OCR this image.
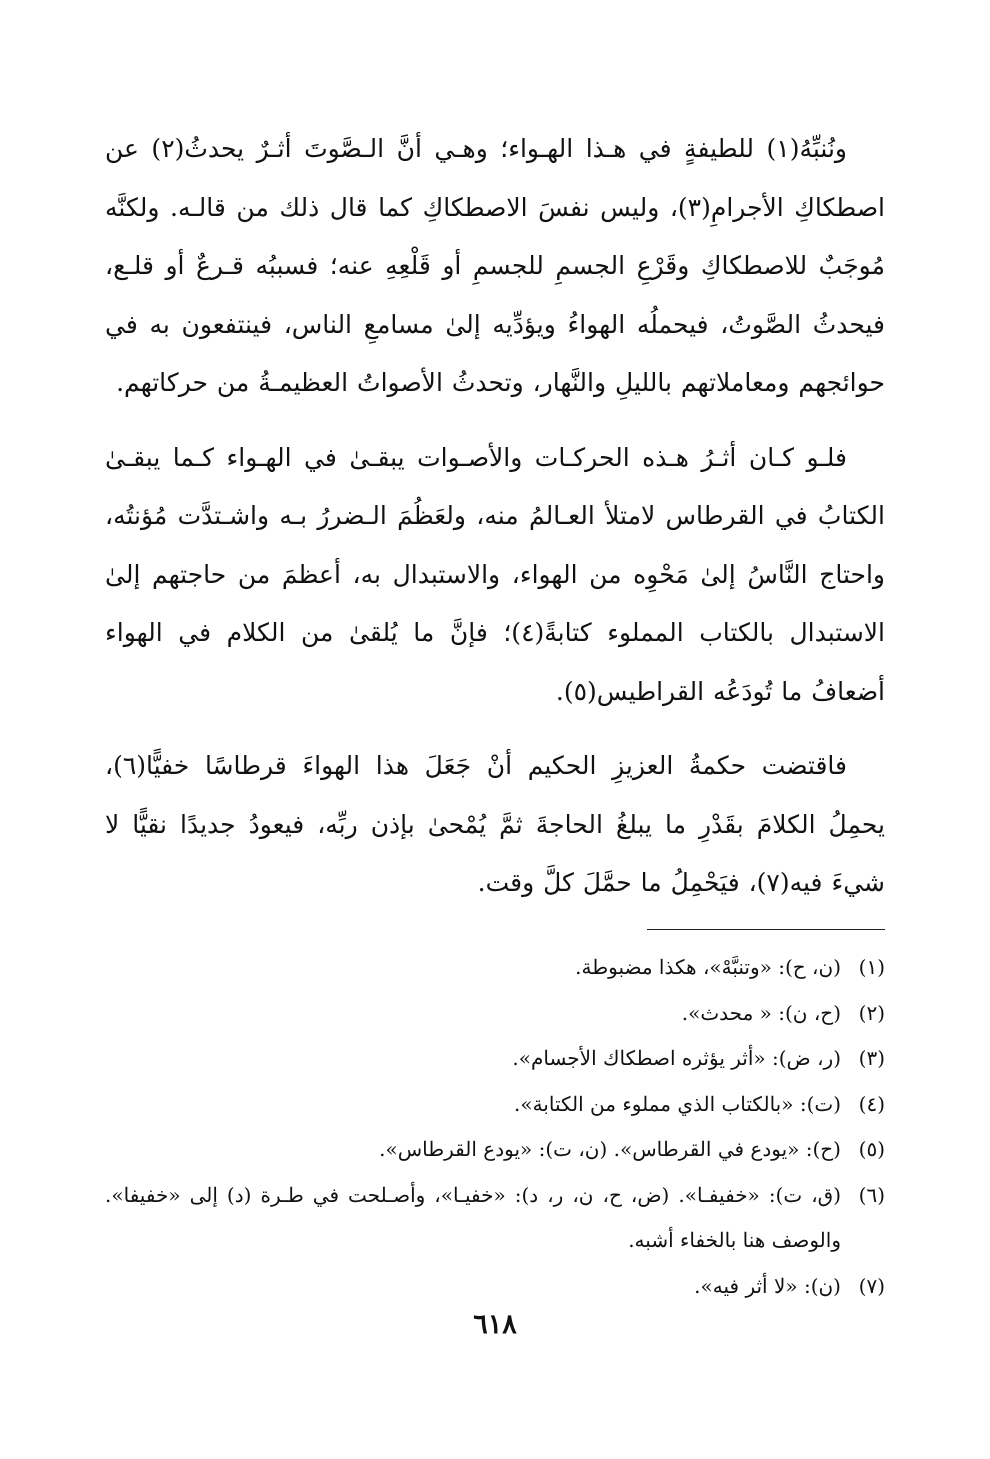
ونُنبِّهُ(١) للطيفةٍ في هـذا الهـواء؛ وهـي أنَّ الـصَّوتَ أثـرٌ يحدثُ(٢) عن اصطكاكِ الأجرامِ(٣)، وليس نفسَ الاصطكاكِ كما قال ذلك من قالـه. ولكنَّه مُوجَبٌ للاصطكاكِ وقَرْعِ الجسمِ للجسمِ أو قَلْعِهِ عنه؛ فسببُه قـرعٌ أو قلـع، فيحدثُ الصَّوتُ، فيحملُه الهواءُ ويؤدِّيه إلىٰ مسامعِ الناس، فينتفعون به في حوائجهم ومعاملاتهم بالليلِ والنَّهار، وتحدثُ الأصواتُ العظيمـةُ من حركاتهم.

فلـو كـان أثـرُ هـذه الحركـات والأصـوات يبقـىٰ في الهـواء كـما يبقـىٰ الكتابُ في القرطاس لامتلأ العـالمُ منه، ولعَظُمَ الـضررُ بـه واشـتدَّت مُؤنتُه، واحتاج النَّاسُ إلىٰ مَحْوِه من الهواء، والاستبدال به، أعظمَ من حاجتهم إلىٰ الاستبدال بالكتاب المملوء كتابةً(٤)؛ فإنَّ ما يُلقىٰ من الكلام في الهواء أضعافُ ما تُودَعُه القراطيس(٥).

فاقتضت حكمةُ العزيزِ الحكيم أنْ جَعَلَ هذا الهواءَ قرطاسًا خفيًّا(٦)، يحمِلُ الكلامَ بقَدْرِ ما يبلغُ الحاجةَ ثمَّ يُمْحىٰ بإذن ربِّه، فيعودُ جديدًا نقيًّا لا شيءَ فيه(٧)، فيَحْمِلُ ما حمَّلَ كلَّ وقت.

(١)
(ن، ح): «وتنبَّهْ»، هكذا مضبوطة.
(٢)
(ح، ن): « محدث».
(٣)
(ر، ض): «أثر يؤثره اصطكاك الأجسام».
(٤)
(ت): «بالكتاب الذي مملوء من الكتابة».
(٥)
(ح): «يودع في القرطاس». (ن، ت): «يودع القرطاس».
(٦)
(ق، ت): «خفيفـا». (ض، ح، ن، ر، د): «خفيـا»، وأصـلحت في طـرة (د) إلى «خفيفا». والوصف هنا بالخفاء أشبه.
(٧)
(ن): «لا أثر فيه».
٦١٨
